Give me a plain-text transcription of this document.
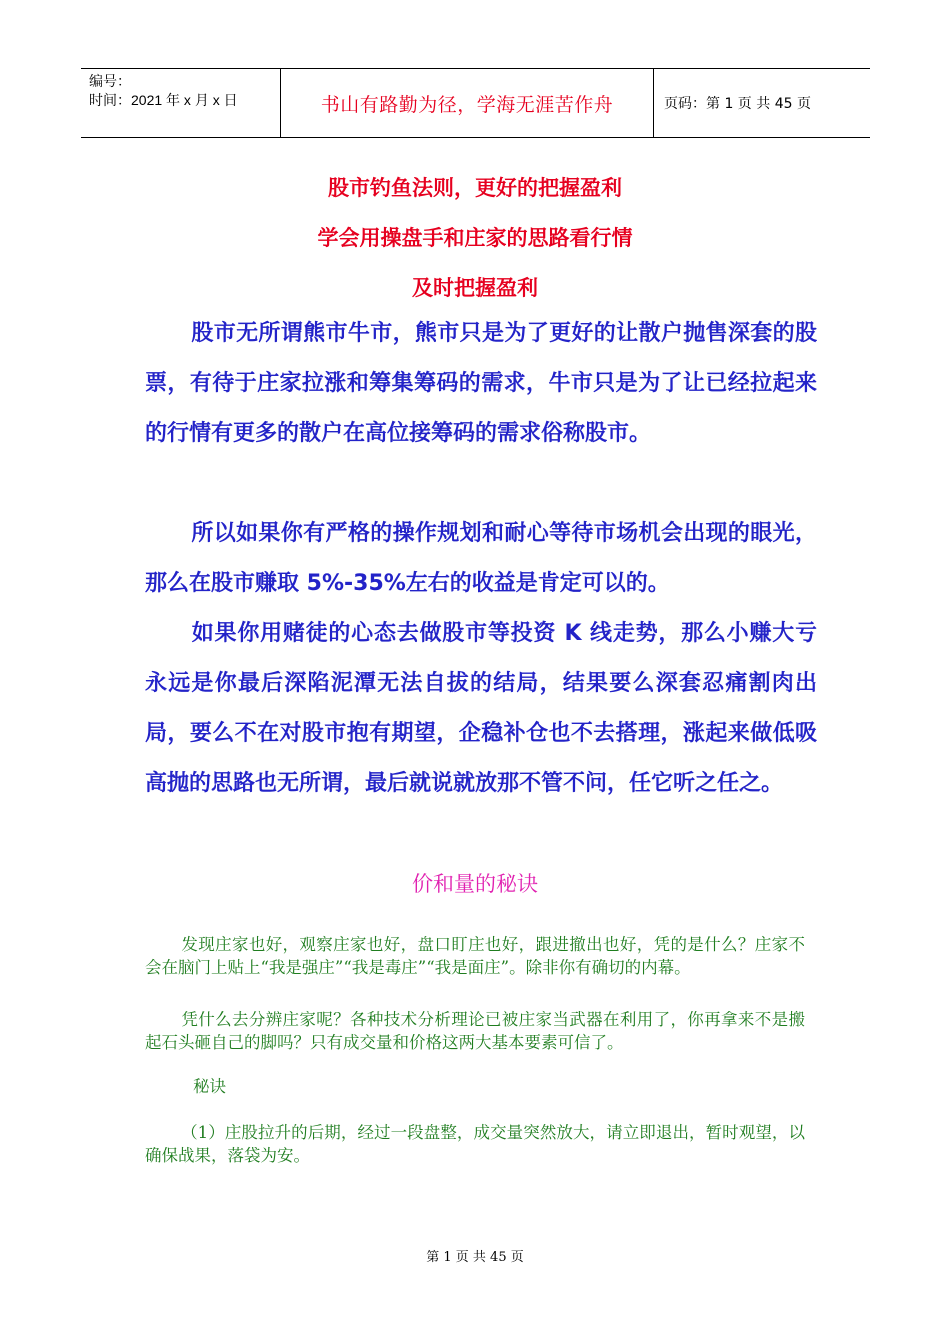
编号：
时间：2021 年 x 月 x 日	书山有路勤为径，学海无涯苦作舟	页码：第 1 页 共 45 页
股市钓鱼法则，更好的把握盈利
学会用操盘手和庄家的思路看行情
及时把握盈利

股市无所谓熊市牛市，熊市只是为了更好的让散户抛售深套的股票，有待于庄家拉涨和筹集筹码的需求，牛市只是为了让已经拉起来的行情有更多的散户在高位接筹码的需求俗称股市。

所以如果你有严格的操作规划和耐心等待市场机会出现的眼光，那么在股市赚取 5%-35%左右的收益是肯定可以的。

如果你用赌徒的心态去做股市等投资 K 线走势，那么小赚大亏永远是你最后深陷泥潭无法自拔的结局，结果要么深套忍痛割肉出局，要么不在对股市抱有期望，企稳补仓也不去搭理，涨起来做低吸高抛的思路也无所谓，最后就说就放那不管不问，任它听之任之。

价和量的秘诀

发现庄家也好，观察庄家也好，盘口盯庄也好，跟进撤出也好，凭的是什么？庄家不会在脑门上贴上“我是强庄”“我是毒庄”“我是面庄”。除非你有确切的内幕。

凭什么去分辨庄家呢？各种技术分析理论已被庄家当武器在利用了，你再拿来不是搬起石头砸自己的脚吗？只有成交量和价格这两大基本要素可信了。

秘诀

（1）庄股拉升的后期，经过一段盘整，成交量突然放大，请立即退出，暂时观望，以确保战果，落袋为安。

第 1 页 共 45 页
